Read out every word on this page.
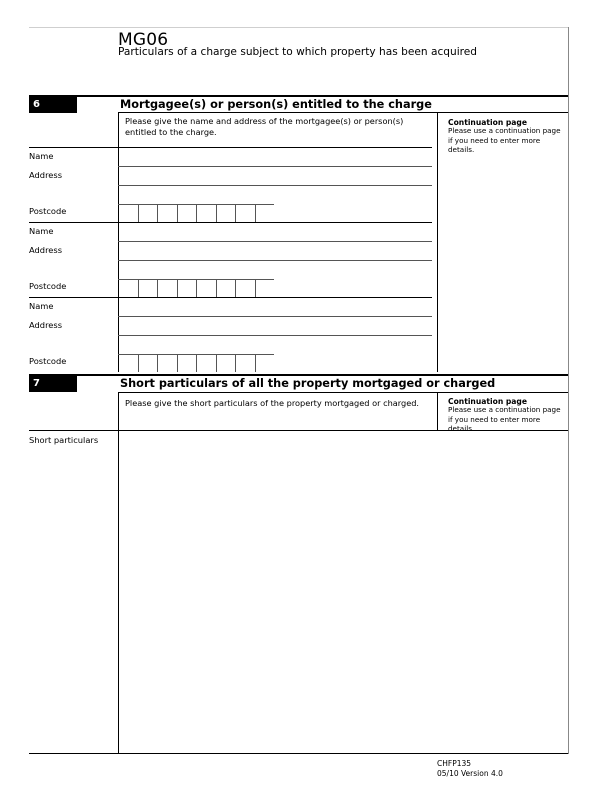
MG06
Particulars of a charge subject to which property has been acquired
6	Mortgagee(s) or person(s) entitled to the charge
Please give the name and address of the mortgagee(s) or person(s) entitled to the charge.
Continuation page
Please use a continuation page if you need to enter more details.
Name
Address
Postcode
Name
Address
Postcode
Name
Address
Postcode
7	Short particulars of all the property mortgaged or charged
Please give the short particulars of the property mortgaged or charged.	Continuation page
Please use a continuation page if you need to enter more details.
Short particulars
CHFP135
05/10 Version 4.0
